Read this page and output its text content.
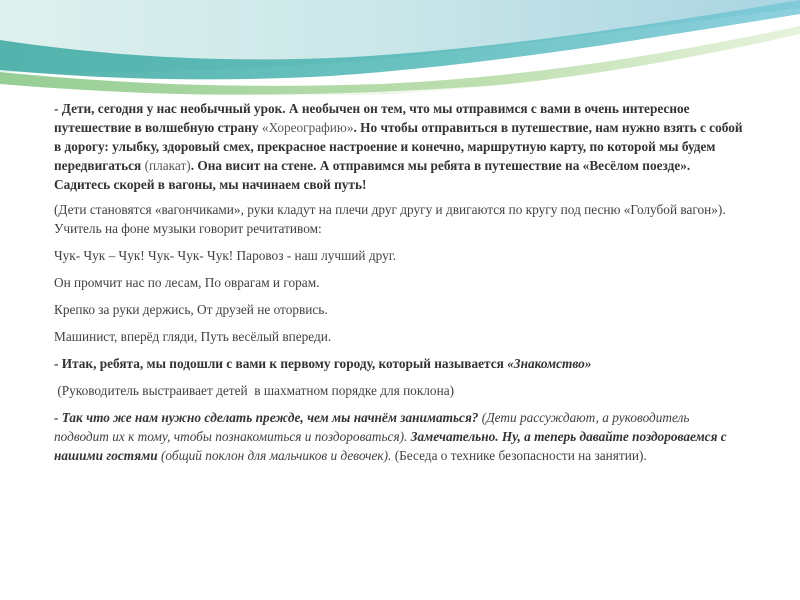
- Дети, сегодня у нас необычный урок. А необычен он тем, что мы отправимся с вами в очень интересное путешествие в волшебную страну «Хореографию». Но чтобы отправиться в путешествие, нам нужно взять с собой в дорогу: улыбку, здоровый смех, прекрасное настроение и конечно, маршрутную карту, по которой мы будем передвигаться (плакат). Она висит на стене. А отправимся мы ребята в путешествие на «Весёлом поезде». Садитесь скорей в вагоны, мы начинаем свой путь!

(Дети становятся «вагончиками», руки кладут на плечи друг другу и двигаются по кругу под песню «Голубой вагон»). Учитель на фоне музыки говорит речитативом:

Чук- Чук – Чук! Чук- Чук- Чук! Паровоз - наш лучший друг.

Он промчит нас по лесам, По оврагам и горам.

Крепко за руки держись, От друзей не оторвись.

Машинист, вперёд гляди, Путь весёлый впереди.

- Итак, ребята, мы подошли с вами к первому городу, который называется «Знакомство»

(Руководитель выстраивает детей  в шахматном порядке для поклона)

- Так что же нам нужно сделать прежде, чем мы начнём заниматься? (Дети рассуждают, а руководитель подводит их к тому, чтобы познакомиться и поздороваться). Замечательно. Ну, а теперь давайте поздороваемся с нашими гостями (общий поклон для мальчиков и девочек). (Беседа о технике безопасности на занятии).
